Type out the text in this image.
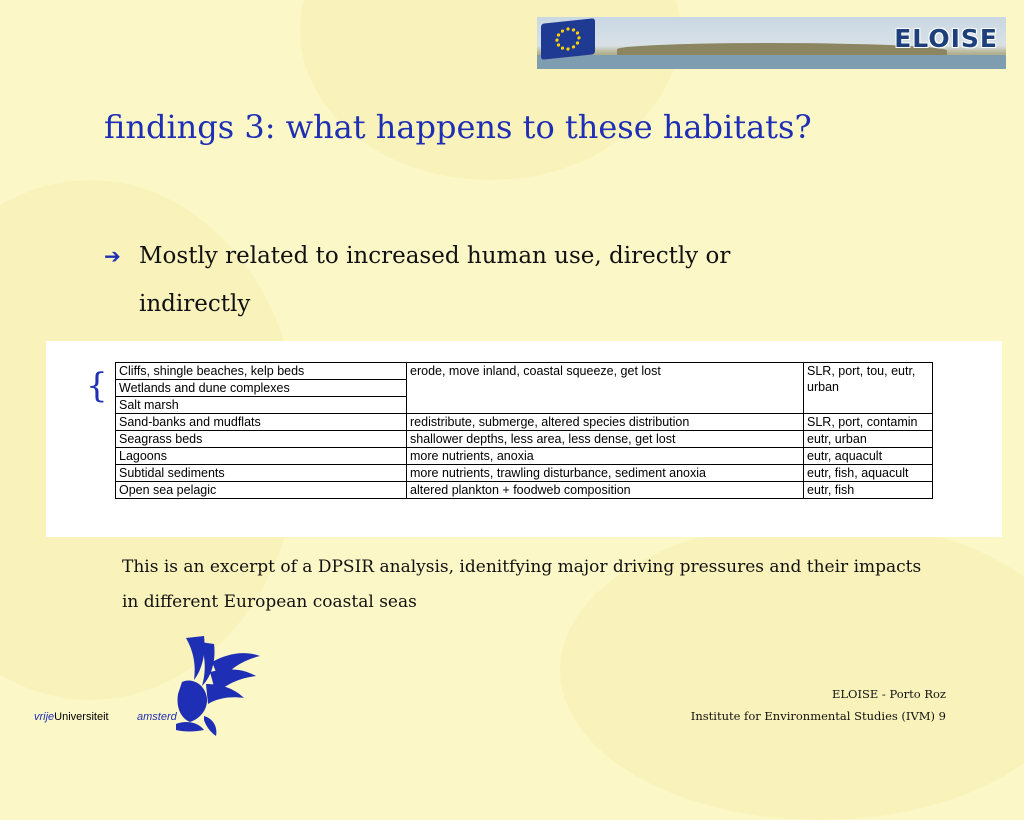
ELOISE
findings 3: what happens to these habitats?
➔ Mostly related to increased human use, directly or indirectly
{ Cliffs, shingle beaches, kelp beds	erode, move inland, coastal squeeze, get lost	SLR, port, tou, eutr, urban
Wetlands and dune complexes		
Salt marsh		
Sand-banks and mudflats	redistribute, submerge, altered species distribution	SLR, port, contamin
Seagrass beds	shallower depths, less area, less dense, get lost	eutr, urban
Lagoons	more nutrients, anoxia	eutr, aquacult
Subtidal sediments	more nutrients, trawling disturbance, sediment anoxia	eutr, fish, aquacult
Open sea pelagic	altered plankton + foodweb composition	eutr, fish
This is an excerpt of a DPSIR analysis, idenitfying major driving pressures and their impacts in different European coastal seas
vrijeUniversiteit	amsterd
ELOISE - Porto Roz
Institute for Environmental Studies (IVM) 9
